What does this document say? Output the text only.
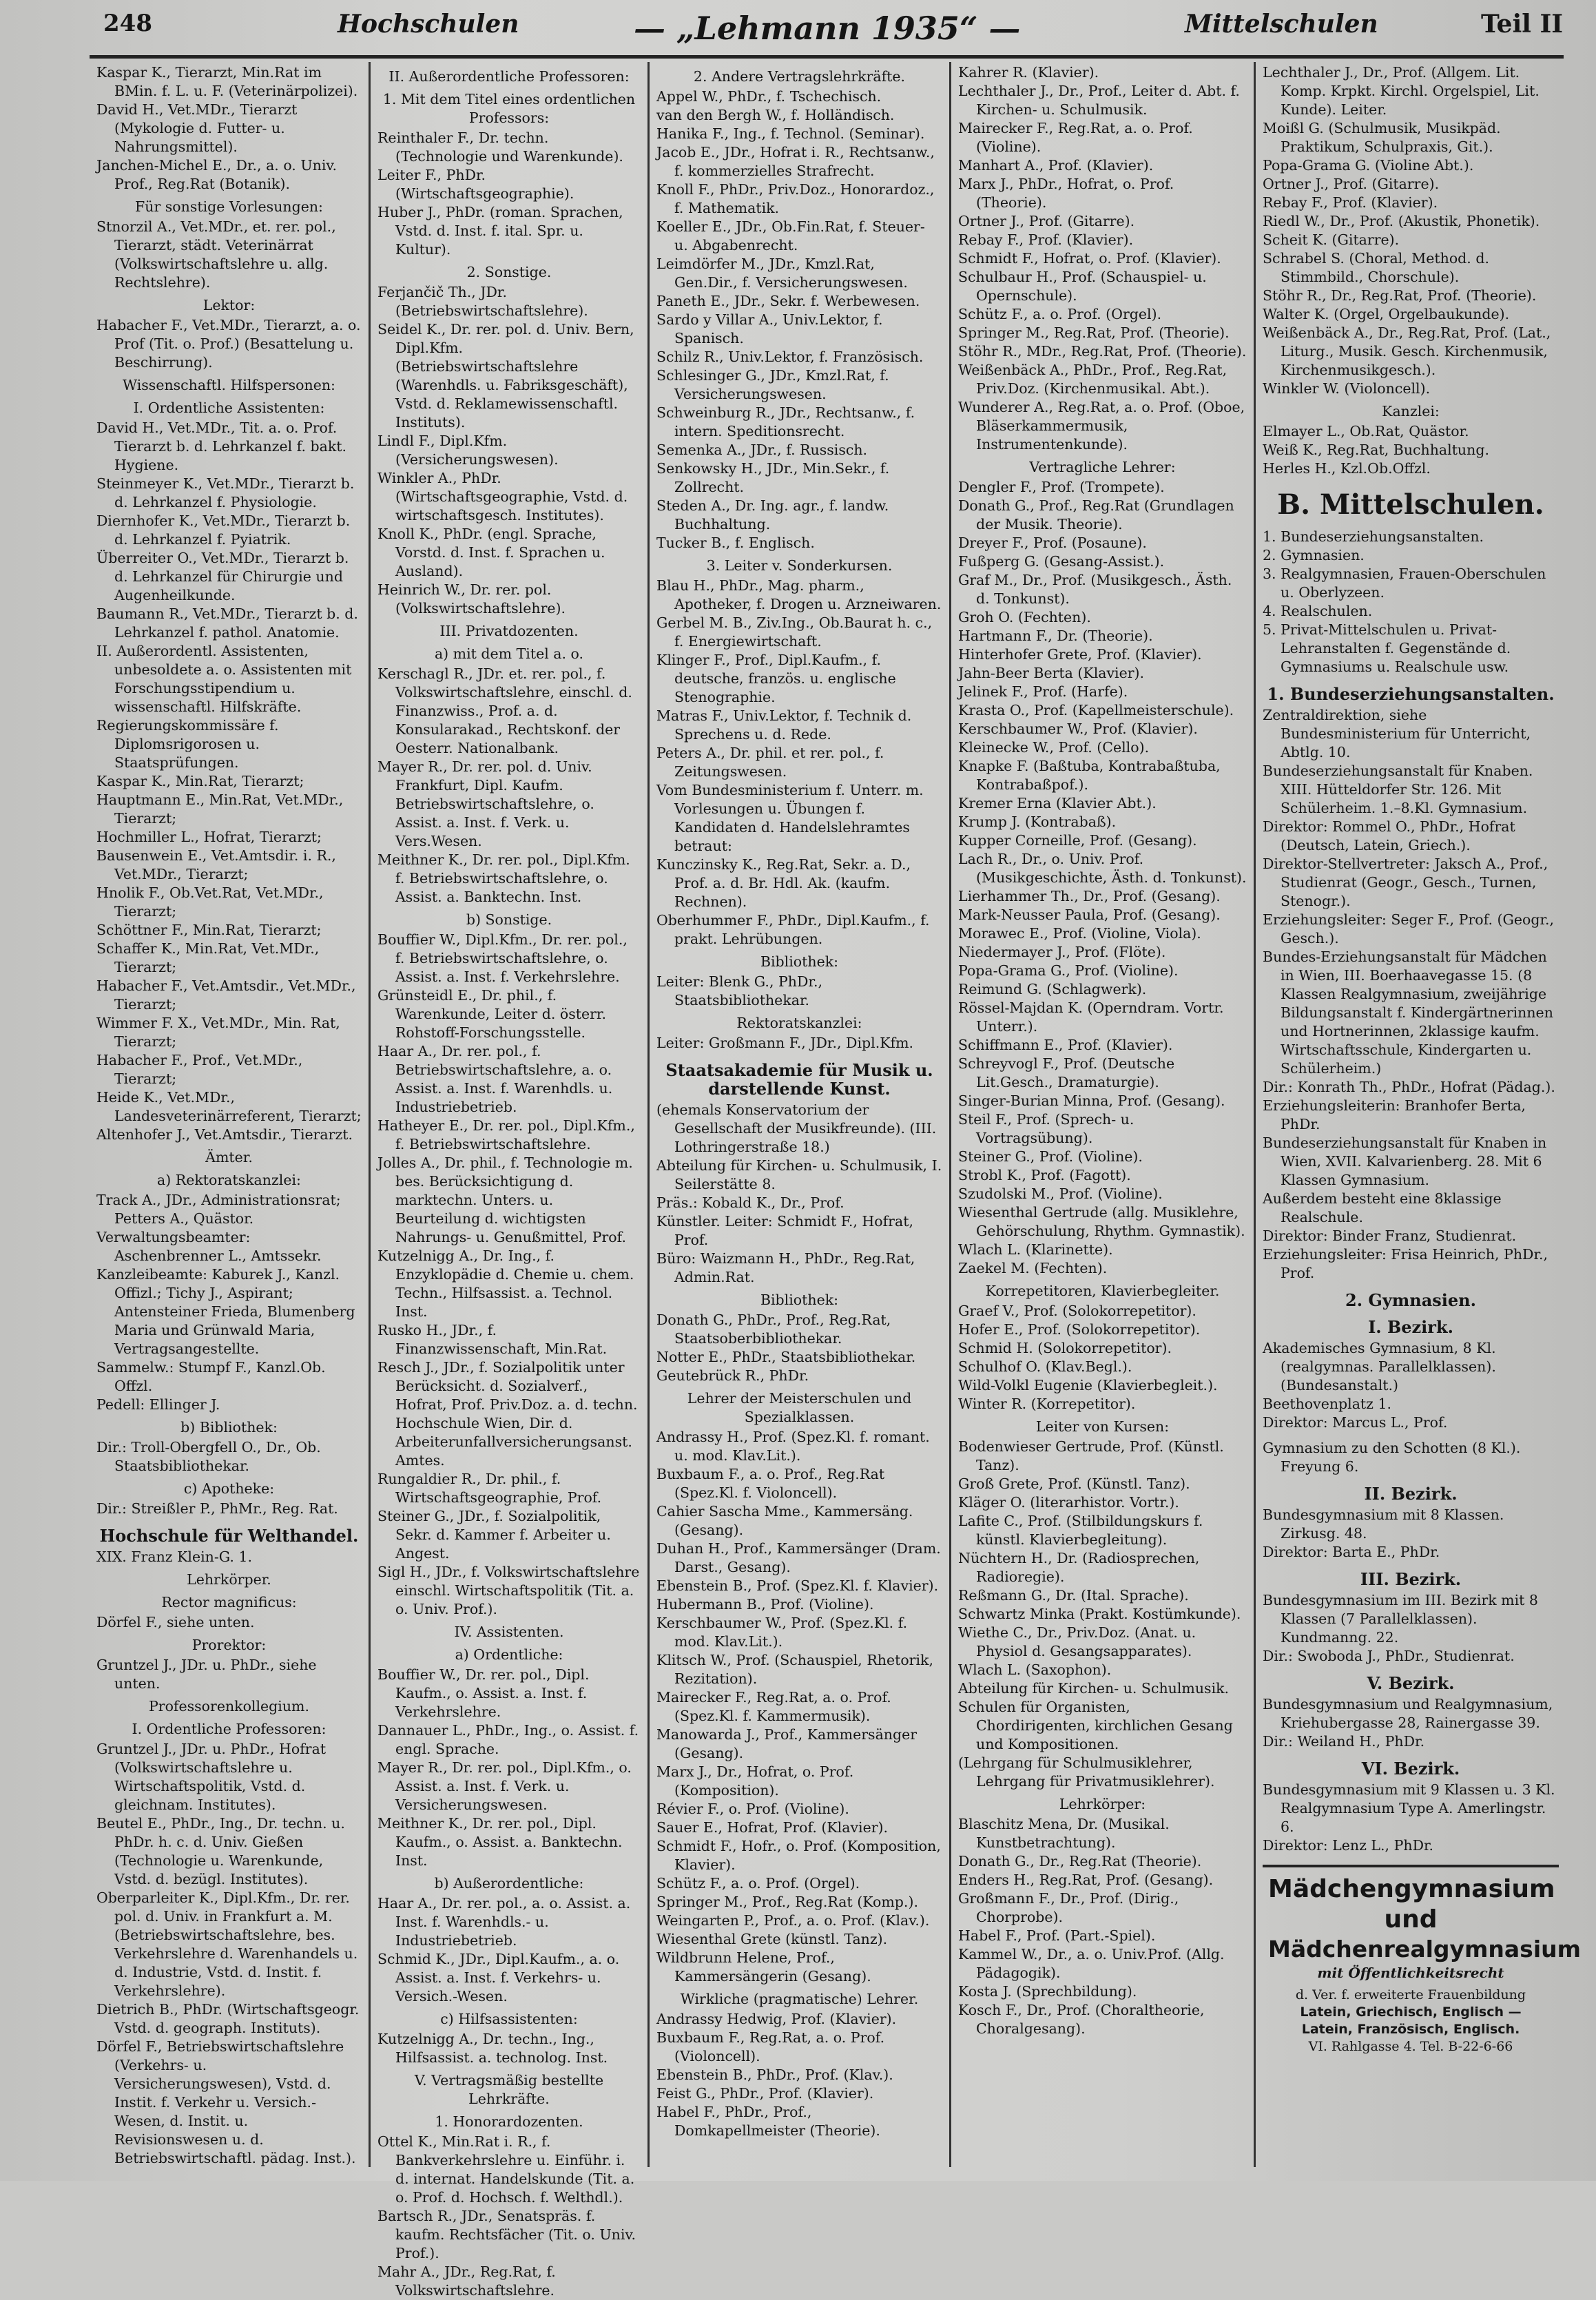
248	Hochschulen	— „Lehmann 1935“ —	Mittelschulen	Teil II
Kaspar K., Tierarzt, Min.Rat im BMin. f. L. u. F. (Veterinärpolizei).
David H., Vet.MDr., Tierarzt (Mykologie d. Futter- u. Nahrungsmittel).
Janchen-Michel E., Dr., a. o. Univ. Prof., Reg.Rat (Botanik).
Für sonstige Vorlesungen:
Stnorzil A., Vet.MDr., et. rer. pol., Tierarzt, städt. Veterinärrat (Volkswirtschaftslehre u. allg. Rechtslehre).
Lektor:
Habacher F., Vet.MDr., Tierarzt, a. o. Prof (Tit. o. Prof.) (Besattelung u. Beschirrung).
Wissenschaftl. Hilfspersonen:
I. Ordentliche Assistenten:
David H., Vet.MDr., Tit. a. o. Prof. Tierarzt b. d. Lehrkanzel f. bakt. Hygiene.
Steinmeyer K., Vet.MDr., Tierarzt b. d. Lehrkanzel f. Physiologie.
Diernhofer K., Vet.MDr., Tierarzt b. d. Lehrkanzel f. Pyiatrik.
Überreiter O., Vet.MDr., Tierarzt b. d. Lehrkanzel für Chirurgie und Augenheilkunde.
Baumann R., Vet.MDr., Tierarzt b. d. Lehrkanzel f. pathol. Anatomie.
II. Außerordentl. Assistenten, unbesoldete a. o. Assistenten mit Forschungsstipendium u. wissenschaftl. Hilfskräfte.
Regierungskommissäre f. Diplomsrigorosen u. Staatsprüfungen.
Kaspar K., Min.Rat, Tierarzt;
Hauptmann E., Min.Rat, Vet.MDr., Tierarzt;
Hochmiller L., Hofrat, Tierarzt;
Bausenwein E., Vet.Amtsdir. i. R., Vet.MDr., Tierarzt;
Hnolik F., Ob.Vet.Rat, Vet.MDr., Tierarzt;
Schöttner F., Min.Rat, Tierarzt;
Schaffer K., Min.Rat, Vet.MDr., Tierarzt;
Habacher F., Vet.Amtsdir., Vet.MDr., Tierarzt;
Wimmer F. X., Vet.MDr., Min. Rat, Tierarzt;
Habacher F., Prof., Vet.MDr., Tierarzt;
Heide K., Vet.MDr., Landesveterinärreferent, Tierarzt;
Altenhofer J., Vet.Amtsdir., Tierarzt.
Ämter.
a) Rektoratskanzlei:
Track A., JDr., Administrationsrat; Petters A., Quästor.
Verwaltungsbeamter: Aschenbrenner L., Amtssekr.
Kanzleibeamte: Kaburek J., Kanzl. Offizl.; Tichy J., Aspirant; Antensteiner Frieda, Blumenberg Maria und Grünwald Maria, Vertragsangestellte.
Sammelw.: Stumpf F., Kanzl.Ob. Offzl.
Pedell: Ellinger J.
b) Bibliothek:
Dir.: Troll-Obergfell O., Dr., Ob. Staatsbibliothekar.
c) Apotheke:
Dir.: Streißler P., PhMr., Reg. Rat.
Hochschule für Welthandel.
XIX. Franz Klein-G. 1.
Lehrkörper.
Rector magnificus:
Dörfel F., siehe unten.
Prorektor:
Gruntzel J., JDr. u. PhDr., siehe unten.
Professorenkollegium.
I. Ordentliche Professoren:
Gruntzel J., JDr. u. PhDr., Hofrat (Volkswirtschaftslehre u. Wirtschaftspolitik, Vstd. d. gleichnam. Institutes).
Beutel E., PhDr., Ing., Dr. techn. u. PhDr. h. c. d. Univ. Gießen (Technologie u. Warenkunde, Vstd. d. bezügl. Institutes).
Oberparleiter K., Dipl.Kfm., Dr. rer. pol. d. Univ. in Frankfurt a. M. (Betriebswirtschaftslehre, bes. Verkehrslehre d. Warenhandels u. d. Industrie, Vstd. d. Instit. f. Verkehrslehre).
Dietrich B., PhDr. (Wirtschaftsgeogr. Vstd. d. geograph. Instituts).
Dörfel F., Betriebswirtschaftslehre (Verkehrs- u. Versicherungswesen), Vstd. d. Instit. f. Verkehr u. Versich.-Wesen, d. Instit. u. Revisionswesen u. d. Betriebswirtschaftl. pädag. Inst.).
II. Außerordentliche Professoren:
1. Mit dem Titel eines ordentlichen Professors:
Reinthaler F., Dr. techn. (Technologie und Warenkunde).
Leiter F., PhDr. (Wirtschaftsgeographie).
Huber J., PhDr. (roman. Sprachen, Vstd. d. Inst. f. ital. Spr. u. Kultur).
2. Sonstige.
Ferjančič Th., JDr. (Betriebswirtschaftslehre).
Seidel K., Dr. rer. pol. d. Univ. Bern, Dipl.Kfm. (Betriebswirtschaftslehre (Warenhdls. u. Fabriksgeschäft), Vstd. d. Reklamewissenschaftl. Instituts).
Lindl F., Dipl.Kfm. (Versicherungswesen).
Winkler A., PhDr. (Wirtschaftsgeographie, Vstd. d. wirtschaftsgesch. Institutes).
Knoll K., PhDr. (engl. Sprache, Vorstd. d. Inst. f. Sprachen u. Ausland).
Heinrich W., Dr. rer. pol. (Volkswirtschaftslehre).
III. Privatdozenten.
a) mit dem Titel a. o.
Kerschagl R., JDr. et. rer. pol., f. Volkswirtschaftslehre, einschl. d. Finanzwiss., Prof. a. d. Konsularakad., Rechtskonf. der Oesterr. Nationalbank.
Mayer R., Dr. rer. pol. d. Univ. Frankfurt, Dipl. Kaufm. Betriebswirtschaftslehre, o. Assist. a. Inst. f. Verk. u. Vers.Wesen.
Meithner K., Dr. rer. pol., Dipl.Kfm. f. Betriebswirtschaftslehre, o. Assist. a. Banktechn. Inst.
b) Sonstige.
Bouffier W., Dipl.Kfm., Dr. rer. pol., f. Betriebswirtschaftslehre, o. Assist. a. Inst. f. Verkehrslehre.
Grünsteidl E., Dr. phil., f. Warenkunde, Leiter d. österr. Rohstoff-Forschungsstelle.
Haar A., Dr. rer. pol., f. Betriebswirtschaftslehre, a. o. Assist. a. Inst. f. Warenhdls. u. Industriebetrieb.
Hatheyer E., Dr. rer. pol., Dipl.Kfm., f. Betriebswirtschaftslehre.
Jolles A., Dr. phil., f. Technologie m. bes. Berücksichtigung d. marktechn. Unters. u. Beurteilung d. wichtigsten Nahrungs- u. Genußmittel, Prof.
Kutzelnigg A., Dr. Ing., f. Enzyklopädie d. Chemie u. chem. Techn., Hilfsassist. a. Technol. Inst.
Rusko H., JDr., f. Finanzwissenschaft, Min.Rat.
Resch J., JDr., f. Sozialpolitik unter Berücksicht. d. Sozialverf., Hofrat, Prof. Priv.Doz. a. d. techn. Hochschule Wien, Dir. d. Arbeiterunfallversicherungsanst. Amtes.
Rungaldier R., Dr. phil., f. Wirtschaftsgeographie, Prof.
Steiner G., JDr., f. Sozialpolitik, Sekr. d. Kammer f. Arbeiter u. Angest.
Sigl H., JDr., f. Volkswirtschaftslehre einschl. Wirtschaftspolitik (Tit. a. o. Univ. Prof.).
IV. Assistenten.
a) Ordentliche:
Bouffier W., Dr. rer. pol., Dipl. Kaufm., o. Assist. a. Inst. f. Verkehrslehre.
Dannauer L., PhDr., Ing., o. Assist. f. engl. Sprache.
Mayer R., Dr. rer. pol., Dipl.Kfm., o. Assist. a. Inst. f. Verk. u. Versicherungswesen.
Meithner K., Dr. rer. pol., Dipl. Kaufm., o. Assist. a. Banktechn. Inst.
b) Außerordentliche:
Haar A., Dr. rer. pol., a. o. Assist. a. Inst. f. Warenhdls.- u. Industriebetrieb.
Schmid K., JDr., Dipl.Kaufm., a. o. Assist. a. Inst. f. Verkehrs- u. Versich.-Wesen.
c) Hilfsassistenten:
Kutzelnigg A., Dr. techn., Ing., Hilfsassist. a. technolog. Inst.
V. Vertragsmäßig bestellte Lehrkräfte.
1. Honorardozenten.
Ottel K., Min.Rat i. R., f. Bankverkehrslehre u. Einführ. i. d. internat. Handelskunde (Tit. a. o. Prof. d. Hochsch. f. Welthdl.).
Bartsch R., JDr., Senatspräs. f. kaufm. Rechtsfächer (Tit. o. Univ. Prof.).
Mahr A., JDr., Reg.Rat, f. Volkswirtschaftslehre.
2. Andere Vertragslehrkräfte.
Appel W., PhDr., f. Tschechisch.
van den Bergh W., f. Holländisch.
Hanika F., Ing., f. Technol. (Seminar).
Jacob E., JDr., Hofrat i. R., Rechtsanw., f. kommerzielles Strafrecht.
Knoll F., PhDr., Priv.Doz., Honorardoz., f. Mathematik.
Koeller E., JDr., Ob.Fin.Rat, f. Steuer- u. Abgabenrecht.
Leimdörfer M., JDr., Kmzl.Rat, Gen.Dir., f. Versicherungswesen.
Paneth E., JDr., Sekr. f. Werbewesen.
Sardo y Villar A., Univ.Lektor, f. Spanisch.
Schilz R., Univ.Lektor, f. Französisch.
Schlesinger G., JDr., Kmzl.Rat, f. Versicherungswesen.
Schweinburg R., JDr., Rechtsanw., f. intern. Speditionsrecht.
Semenka A., JDr., f. Russisch.
Senkowsky H., JDr., Min.Sekr., f. Zollrecht.
Steden A., Dr. Ing. agr., f. landw. Buchhaltung.
Tucker B., f. Englisch.
3. Leiter v. Sonderkursen.
Blau H., PhDr., Mag. pharm., Apotheker, f. Drogen u. Arzneiwaren.
Gerbel M. B., Ziv.Ing., Ob.Baurat h. c., f. Energiewirtschaft.
Klinger F., Prof., Dipl.Kaufm., f. deutsche, französ. u. englische Stenographie.
Matras F., Univ.Lektor, f. Technik d. Sprechens u. d. Rede.
Peters A., Dr. phil. et rer. pol., f. Zeitungswesen.
Vom Bundesministerium f. Unterr. m. Vorlesungen u. Übungen f. Kandidaten d. Handelslehramtes betraut:
Kunczinsky K., Reg.Rat, Sekr. a. D., Prof. a. d. Br. Hdl. Ak. (kaufm. Rechnen).
Oberhummer F., PhDr., Dipl.Kaufm., f. prakt. Lehrübungen.
Bibliothek:
Leiter: Blenk G., PhDr., Staatsbibliothekar.
Rektoratskanzlei:
Leiter: Großmann F., JDr., Dipl.Kfm.
Staatsakademie für Musik u. darstellende Kunst.
(ehemals Konservatorium der Gesellschaft der Musikfreunde). (III. Lothringerstraße 18.)
Abteilung für Kirchen- u. Schulmusik, I. Seilerstätte 8.
Präs.: Kobald K., Dr., Prof.
Künstler. Leiter: Schmidt F., Hofrat, Prof.
Büro: Waizmann H., PhDr., Reg.Rat, Admin.Rat.
Bibliothek:
Donath G., PhDr., Prof., Reg.Rat, Staatsoberbibliothekar.
Notter E., PhDr., Staatsbibliothekar.
Geutebrück R., PhDr.
Lehrer der Meisterschulen und Spezialklassen.
Andrassy H., Prof. (Spez.Kl. f. romant. u. mod. Klav.Lit.).
Buxbaum F., a. o. Prof., Reg.Rat (Spez.Kl. f. Violoncell).
Cahier Sascha Mme., Kammersäng. (Gesang).
Duhan H., Prof., Kammersänger (Dram. Darst., Gesang).
Ebenstein B., Prof. (Spez.Kl. f. Klavier).
Hubermann B., Prof. (Violine).
Kerschbaumer W., Prof. (Spez.Kl. f. mod. Klav.Lit.).
Klitsch W., Prof. (Schauspiel, Rhetorik, Rezitation).
Mairecker F., Reg.Rat, a. o. Prof. (Spez.Kl. f. Kammermusik).
Manowarda J., Prof., Kammersänger (Gesang).
Marx J., Dr., Hofrat, o. Prof. (Komposition).
Révier F., o. Prof. (Violine).
Sauer E., Hofrat, Prof. (Klavier).
Schmidt F., Hofr., o. Prof. (Komposition, Klavier).
Schütz F., a. o. Prof. (Orgel).
Springer M., Prof., Reg.Rat (Komp.).
Weingarten P., Prof., a. o. Prof. (Klav.).
Wiesenthal Grete (künstl. Tanz).
Wildbrunn Helene, Prof., Kammersängerin (Gesang).
Wirkliche (pragmatische) Lehrer.
Andrassy Hedwig, Prof. (Klavier).
Buxbaum F., Reg.Rat, a. o. Prof. (Violoncell).
Ebenstein B., PhDr., Prof. (Klav.).
Feist G., PhDr., Prof. (Klavier).
Habel F., PhDr., Prof., Domkapellmeister (Theorie).
Kahrer R. (Klavier).
Lechthaler J., Dr., Prof., Leiter d. Abt. f. Kirchen- u. Schulmusik.
Mairecker F., Reg.Rat, a. o. Prof. (Violine).
Manhart A., Prof. (Klavier).
Marx J., PhDr., Hofrat, o. Prof. (Theorie).
Ortner J., Prof. (Gitarre).
Rebay F., Prof. (Klavier).
Schmidt F., Hofrat, o. Prof. (Klavier).
Schulbaur H., Prof. (Schauspiel- u. Opernschule).
Schütz F., a. o. Prof. (Orgel).
Springer M., Reg.Rat, Prof. (Theorie).
Stöhr R., MDr., Reg.Rat, Prof. (Theorie).
Weißenbäck A., PhDr., Prof., Reg.Rat, Priv.Doz. (Kirchenmusikal. Abt.).
Wunderer A., Reg.Rat, a. o. Prof. (Oboe, Bläserkammermusik, Instrumentenkunde).
Vertragliche Lehrer:
Dengler F., Prof. (Trompete).
Donath G., Prof., Reg.Rat (Grundlagen der Musik. Theorie).
Dreyer F., Prof. (Posaune).
Fußperg G. (Gesang-Assist.).
Graf M., Dr., Prof. (Musikgesch., Ästh. d. Tonkunst).
Groh O. (Fechten).
Hartmann F., Dr. (Theorie).
Hinterhofer Grete, Prof. (Klavier).
Jahn-Beer Berta (Klavier).
Jelinek F., Prof. (Harfe).
Krasta O., Prof. (Kapellmeisterschule).
Kerschbaumer W., Prof. (Klavier).
Kleinecke W., Prof. (Cello).
Knapke F. (Baßtuba, Kontrabaßtuba, Kontrabaßpof.).
Kremer Erna (Klavier Abt.).
Krump J. (Kontrabaß).
Kupper Corneille, Prof. (Gesang).
Lach R., Dr., o. Univ. Prof. (Musikgeschichte, Ästh. d. Tonkunst).
Lierhammer Th., Dr., Prof. (Gesang).
Mark-Neusser Paula, Prof. (Gesang).
Morawec E., Prof. (Violine, Viola).
Niedermayer J., Prof. (Flöte).
Popa-Grama G., Prof. (Violine).
Reimund G. (Schlagwerk).
Rössel-Majdan K. (Operndram. Vortr. Unterr.).
Schiffmann E., Prof. (Klavier).
Schreyvogl F., Prof. (Deutsche Lit.Gesch., Dramaturgie).
Singer-Burian Minna, Prof. (Gesang).
Steil F., Prof. (Sprech- u. Vortragsübung).
Steiner G., Prof. (Violine).
Strobl K., Prof. (Fagott).
Szudolski M., Prof. (Violine).
Wiesenthal Gertrude (allg. Musiklehre, Gehörschulung, Rhythm. Gymnastik).
Wlach L. (Klarinette).
Zaekel M. (Fechten).
Korrepetitoren, Klavierbegleiter.
Graef V., Prof. (Solokorrepetitor).
Hofer E., Prof. (Solokorrepetitor).
Schmid H. (Solokorrepetitor).
Schulhof O. (Klav.Begl.).
Wild-Volkl Eugenie (Klavierbegleit.).
Winter R. (Korrepetitor).
Leiter von Kursen:
Bodenwieser Gertrude, Prof. (Künstl. Tanz).
Groß Grete, Prof. (Künstl. Tanz).
Kläger O. (literarhistor. Vortr.).
Lafite C., Prof. (Stilbildungskurs f. künstl. Klavierbegleitung).
Nüchtern H., Dr. (Radiosprechen, Radioregie).
Reßmann G., Dr. (Ital. Sprache).
Schwartz Minka (Prakt. Kostümkunde).
Wiethe C., Dr., Priv.Doz. (Anat. u. Physiol d. Gesangsapparates).
Wlach L. (Saxophon).
Abteilung für Kirchen- u. Schulmusik.
Schulen für Organisten, Chordirigenten, kirchlichen Gesang und Kompositionen.
(Lehrgang für Schulmusiklehrer, Lehrgang für Privatmusiklehrer).
Lehrkörper:
Blaschitz Mena, Dr. (Musikal. Kunstbetrachtung).
Donath G., Dr., Reg.Rat (Theorie).
Enders H., Reg.Rat, Prof. (Gesang).
Großmann F., Dr., Prof. (Dirig., Chorprobe).
Habel F., Prof. (Part.-Spiel).
Kammel W., Dr., a. o. Univ.Prof. (Allg. Pädagogik).
Kosta J. (Sprechbildung).
Kosch F., Dr., Prof. (Choraltheorie, Choralgesang).
Lechthaler J., Dr., Prof. (Allgem. Lit. Komp. Krpkt. Kirchl. Orgelspiel, Lit. Kunde). Leiter.
Moißl G. (Schulmusik, Musikpäd. Praktikum, Schulpraxis, Git.).
Popa-Grama G. (Violine Abt.).
Ortner J., Prof. (Gitarre).
Rebay F., Prof. (Klavier).
Riedl W., Dr., Prof. (Akustik, Phonetik).
Scheit K. (Gitarre).
Schrabel S. (Choral, Method. d. Stimmbild., Chorschule).
Stöhr R., Dr., Reg.Rat, Prof. (Theorie).
Walter K. (Orgel, Orgelbaukunde).
Weißenbäck A., Dr., Reg.Rat, Prof. (Lat., Liturg., Musik. Gesch. Kirchenmusik, Kirchenmusikgesch.).
Winkler W. (Violoncell).
Kanzlei:
Elmayer L., Ob.Rat, Quästor.
Weiß K., Reg.Rat, Buchhaltung.
Herles H., Kzl.Ob.Offzl.
B. Mittelschulen.
1. Bundeserziehungsanstalten.
2. Gymnasien.
3. Realgymnasien, Frauen-Oberschulen u. Oberlyzeen.
4. Realschulen.
5. Privat-Mittelschulen u. Privat-Lehranstalten f. Gegenstände d. Gymnasiums u. Realschule usw.
1. Bundeserziehungsanstalten.
Zentraldirektion, siehe Bundesministerium für Unterricht, Abtlg. 10.
Bundeserziehungsanstalt für Knaben. XIII. Hütteldorfer Str. 126. Mit Schülerheim. 1.–8.Kl. Gymnasium.
Direktor: Rommel O., PhDr., Hofrat (Deutsch, Latein, Griech.).
Direktor-Stellvertreter: Jaksch A., Prof., Studienrat (Geogr., Gesch., Turnen, Stenogr.).
Erziehungsleiter: Seger F., Prof. (Geogr., Gesch.).
Bundes-Erziehungsanstalt für Mädchen in Wien, III. Boerhaavegasse 15. (8 Klassen Realgymnasium, zweijährige Bildungsanstalt f. Kindergärtnerinnen und Hortnerinnen, 2klassige kaufm. Wirtschaftsschule, Kindergarten u. Schülerheim.)
Dir.: Konrath Th., PhDr., Hofrat (Pädag.).
Erziehungsleiterin: Branhofer Berta, PhDr.
Bundeserziehungsanstalt für Knaben in Wien, XVII. Kalvarienberg. 28. Mit 6 Klassen Gymnasium.
Außerdem besteht eine 8klassige Realschule.
Direktor: Binder Franz, Studienrat.
Erziehungsleiter: Frisa Heinrich, PhDr., Prof.
2. Gymnasien.
I. Bezirk.
Akademisches Gymnasium, 8 Kl. (realgymnas. Parallelklassen). (Bundesanstalt.)
Beethovenplatz 1.
Direktor: Marcus L., Prof.
Gymnasium zu den Schotten (8 Kl.). Freyung 6.
II. Bezirk.
Bundesgymnasium mit 8 Klassen. Zirkusg. 48.
Direktor: Barta E., PhDr.
III. Bezirk.
Bundesgymnasium im III. Bezirk mit 8 Klassen (7 Parallelklassen). Kundmanng. 22.
Dir.: Swoboda J., PhDr., Studienrat.
V. Bezirk.
Bundesgymnasium und Realgymnasium, Kriehubergasse 28, Rainergasse 39.
Dir.: Weiland H., PhDr.
VI. Bezirk.
Bundesgymnasium mit 9 Klassen u. 3 Kl. Realgymnasium Type A. Amerlingstr. 6.
Direktor: Lenz L., PhDr.
Mädchengymnasium und
Mädchenrealgymnasium
mit Öffentlichkeitsrecht
d. Ver. f. erweiterte Frauenbildung
Latein, Griechisch, Englisch —
Latein, Französisch, Englisch.
VI. Rahlgasse 4. Tel. B-22-6-66
